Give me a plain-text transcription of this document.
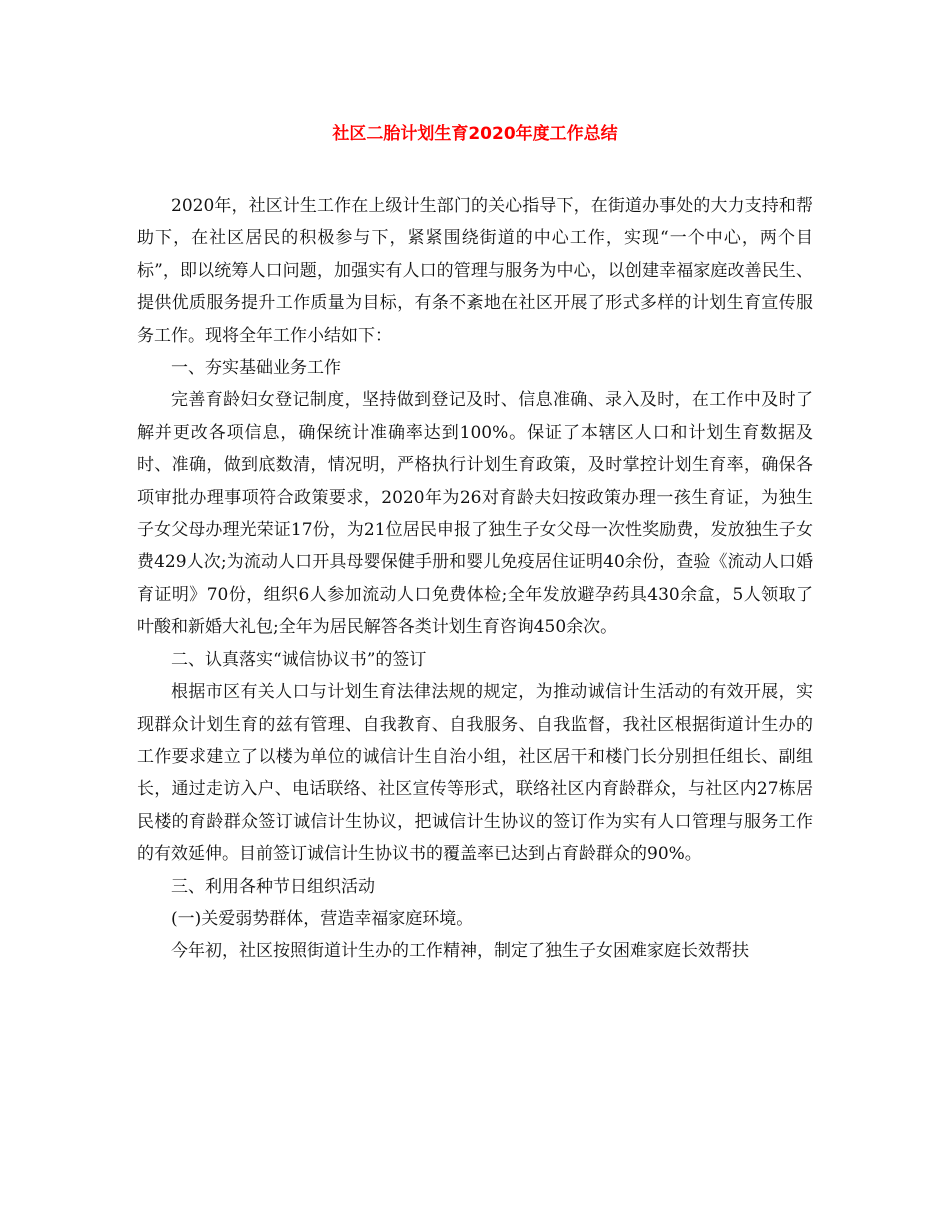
社区二胎计划生育2020年度工作总结

2020年，社区计生工作在上级计生部门的关心指导下，在街道办事处的大力支持和帮助下，在社区居民的积极参与下，紧紧围绕街道的中心工作，实现“一个中心，两个目标”，即以统筹人口问题，加强实有人口的管理与服务为中心，以创建幸福家庭改善民生、提供优质服务提升工作质量为目标，有条不紊地在社区开展了形式多样的计划生育宣传服务工作。现将全年工作小结如下：

一、夯实基础业务工作

完善育龄妇女登记制度，坚持做到登记及时、信息准确、录入及时，在工作中及时了解并更改各项信息，确保统计准确率达到100%。保证了本辖区人口和计划生育数据及时、准确，做到底数清，情况明，严格执行计划生育政策，及时掌控计划生育率，确保各项审批办理事项符合政策要求，2020年为26对育龄夫妇按政策办理一孩生育证，为独生子女父母办理光荣证17份，为21位居民申报了独生子女父母一次性奖励费，发放独生子女费429人次;为流动人口开具母婴保健手册和婴儿免疫居住证明40余份，查验《流动人口婚育证明》70份，组织6人参加流动人口免费体检;全年发放避孕药具430余盒，5人领取了叶酸和新婚大礼包;全年为居民解答各类计划生育咨询450余次。

二、认真落实“诚信协议书”的签订

根据市区有关人口与计划生育法律法规的规定，为推动诚信计生活动的有效开展，实现群众计划生育的兹有管理、自我教育、自我服务、自我监督，我社区根据街道计生办的工作要求建立了以楼为单位的诚信计生自治小组，社区居干和楼门长分别担任组长、副组长，通过走访入户、电话联络、社区宣传等形式，联络社区内育龄群众，与社区内27栋居民楼的育龄群众签订诚信计生协议，把诚信计生协议的签订作为实有人口管理与服务工作的有效延伸。目前签订诚信计生协议书的覆盖率已达到占育龄群众的90%。

三、利用各种节日组织活动

(一)关爱弱势群体，营造幸福家庭环境。

今年初，社区按照街道计生办的工作精神，制定了独生子女困难家庭长效帮扶
